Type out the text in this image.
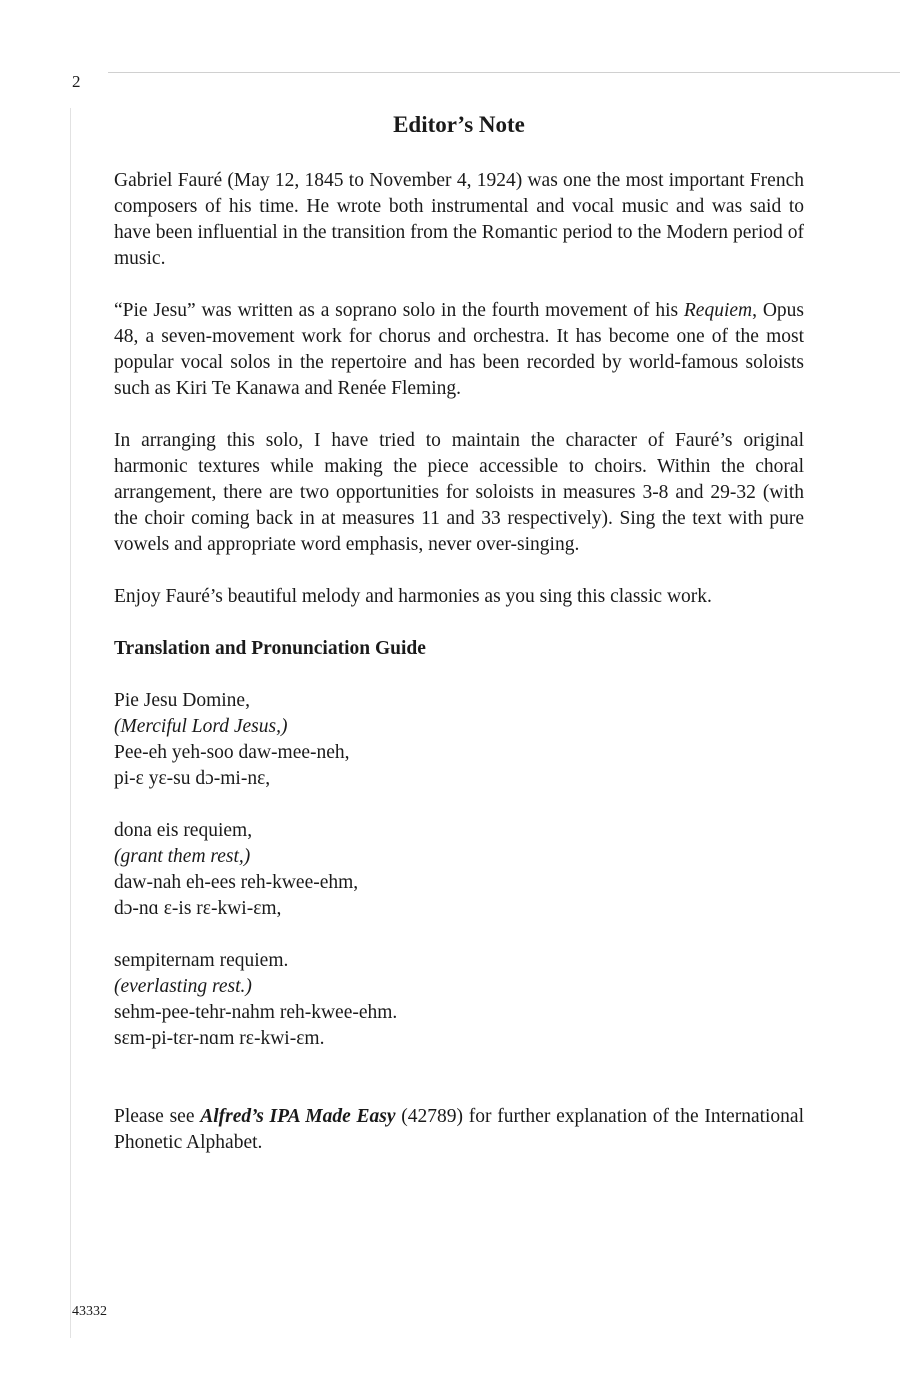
2
Editor’s Note

Gabriel Fauré (May 12, 1845 to November 4, 1924) was one the most important French composers of his time. He wrote both instrumental and vocal music and was said to have been influential in the transition from the Romantic period to the Modern period of music.

“Pie Jesu” was written as a soprano solo in the fourth movement of his Requiem, Opus 48, a seven-movement work for chorus and orchestra. It has become one of the most popular vocal solos in the repertoire and has been recorded by world-famous soloists such as Kiri Te Kanawa and Renée Fleming.

In arranging this solo, I have tried to maintain the character of Fauré’s original harmonic textures while making the piece accessible to choirs. Within the choral arrangement, there are two opportunities for soloists in measures 3-8 and 29-32 (with the choir coming back in at measures 11 and 33 respectively). Sing the text with pure vowels and appropriate word emphasis, never over-singing.

Enjoy Fauré’s beautiful melody and harmonies as you sing this classic work.

Translation and Pronunciation Guide
Pie Jesu Domine,
(Merciful Lord Jesus,)
Pee-eh yeh-soo daw-mee-neh,
pi-ɛ yɛ-su dɔ-mi-nɛ,
dona eis requiem,
(grant them rest,)
daw-nah eh-ees reh-kwee-ehm,
dɔ-nɑ ɛ-is rɛ-kwi-ɛm,
sempiternam requiem.
(everlasting rest.)
sehm-pee-tehr-nahm reh-kwee-ehm.
sɛm-pi-tɛr-nɑm rɛ-kwi-ɛm.

Please see Alfred’s IPA Made Easy (42789) for further explanation of the International Phonetic Alphabet.

43332
